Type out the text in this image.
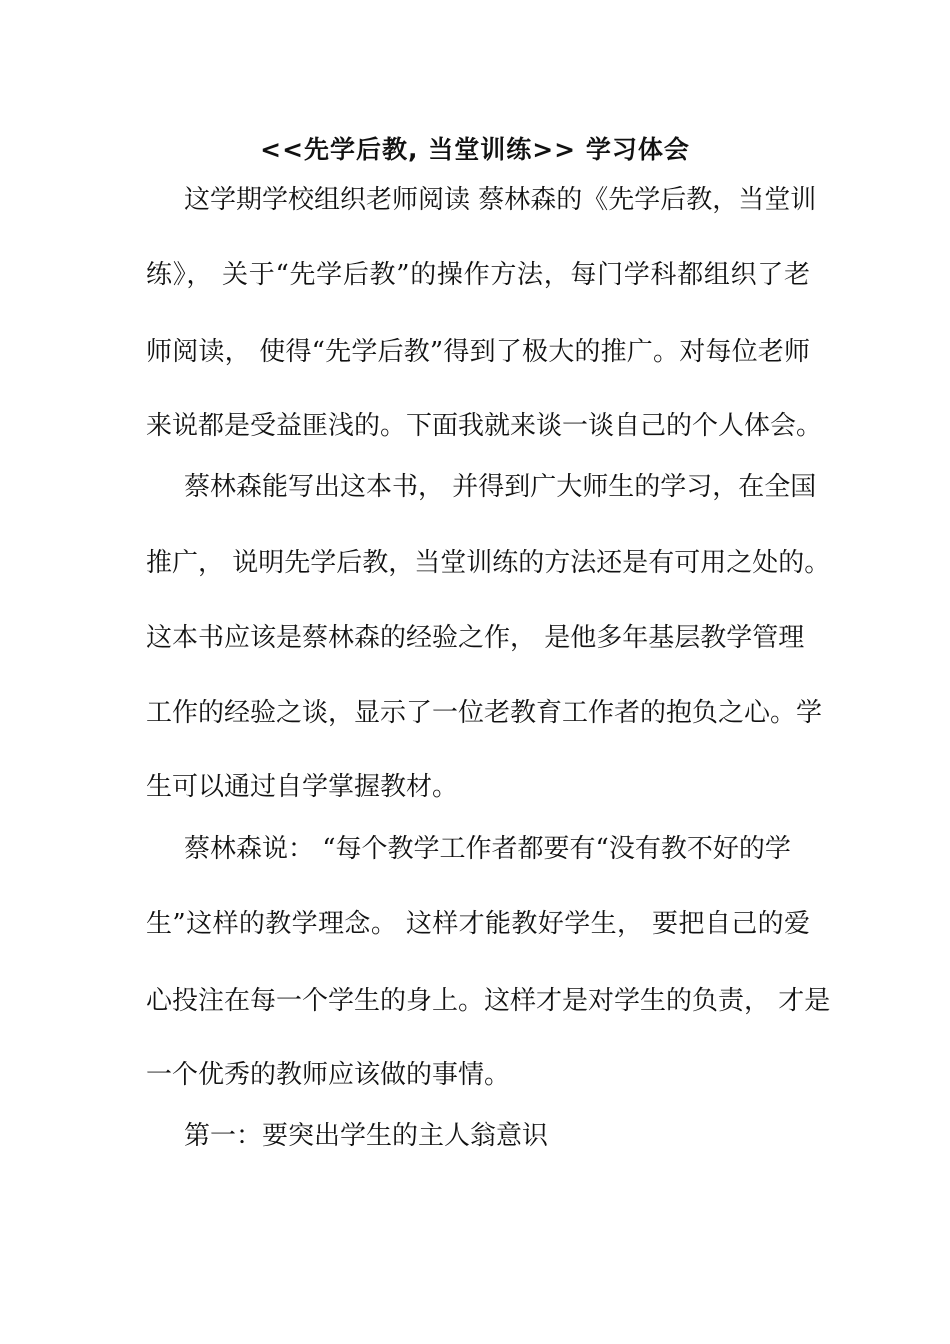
<<先学后教, 当堂训练>> 学习体会
这学期学校组织老师阅读 蔡林森的《先学后教，当堂训
练》， 关于“先学后教”的操作方法，每门学科都组织了老
师阅读， 使得“先学后教”得到了极大的推广。对每位老师
来说都是受益匪浅的。下面我就来谈一谈自己的个人体会。
蔡林森能写出这本书， 并得到广大师生的学习，在全国
推广， 说明先学后教，当堂训练的方法还是有可用之处的。
这本书应该是蔡林森的经验之作， 是他多年基层教学管理
工作的经验之谈，显示了一位老教育工作者的抱负之心。学
生可以通过自学掌握教材。
蔡林森说： “每个教学工作者都要有“没有教不好的学
生”这样的教学理念。 这样才能教好学生， 要把自己的爱
心投注在每一个学生的身上。这样才是对学生的负责， 才是
一个优秀的教师应该做的事情。
第一：要突出学生的主人翁意识
